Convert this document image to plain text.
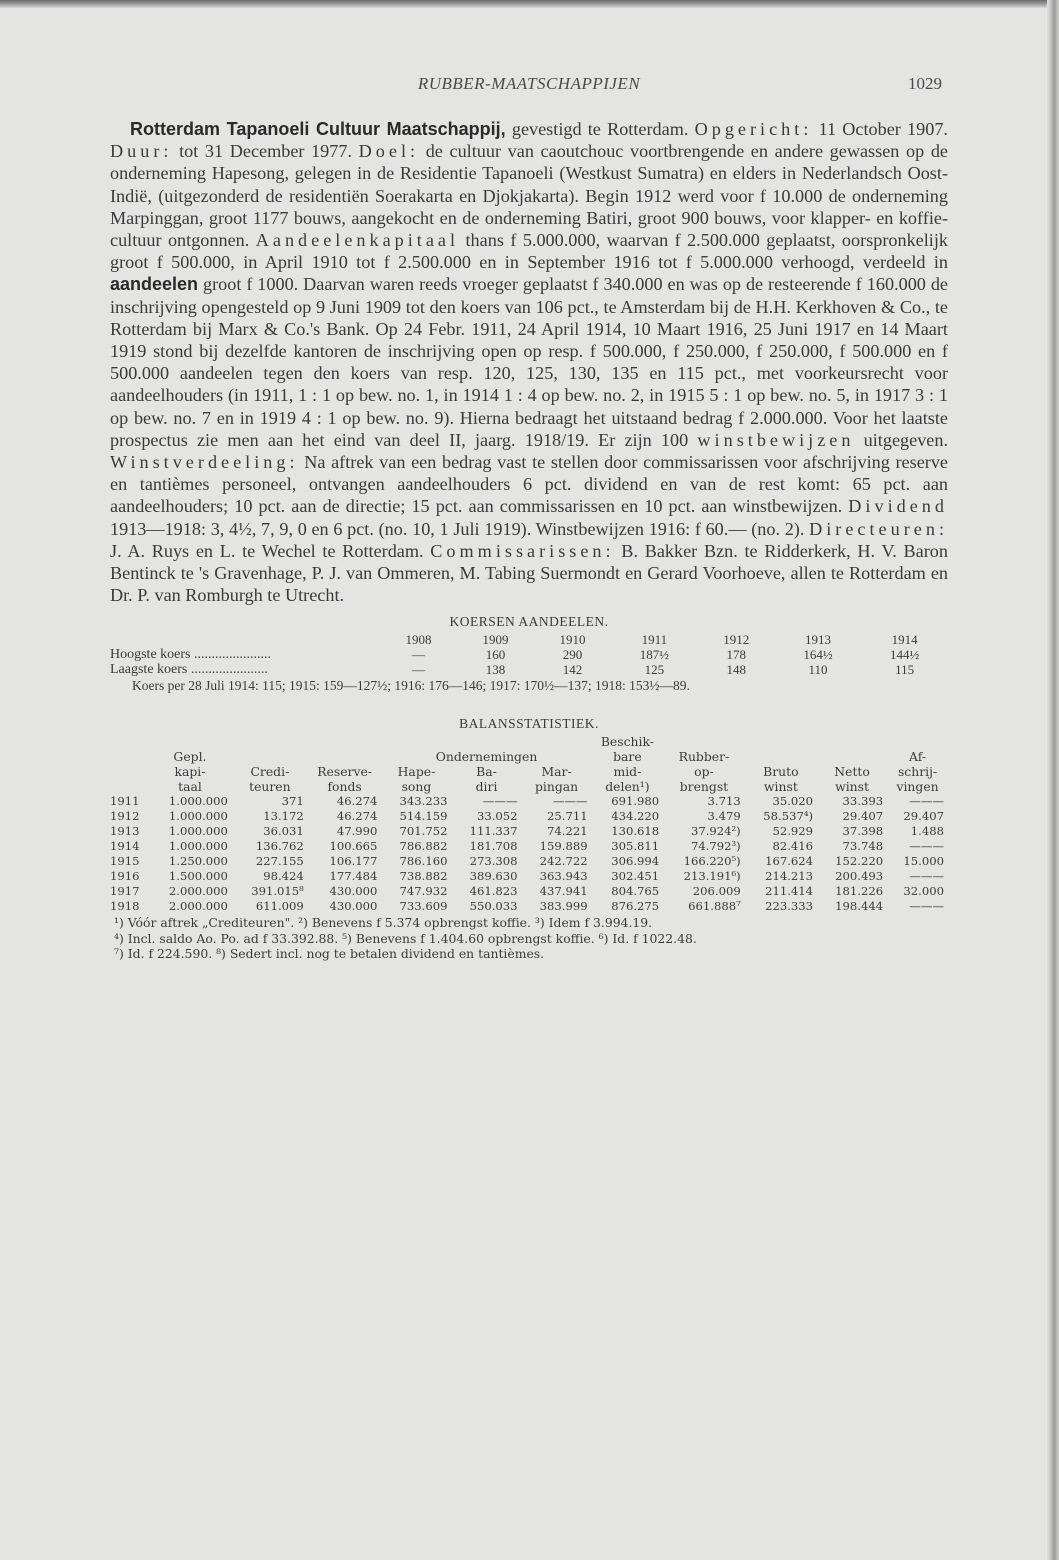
RUBBER-MAATSCHAPPIJEN	1029

Rotterdam Tapanoeli Cultuur Maatschappij, gevestigd te Rotterdam. Opgericht: 11 October 1907. Duur: tot 31 December 1977. Doel: de cultuur van caoutchouc voortbrengende en andere gewassen op de onderneming Hapesong, gelegen in de Residentie Tapanoeli (Westkust Sumatra) en elders in Nederlandsch Oost-Indië, (uitgezonderd de residentiën Soerakarta en Djokjakarta). Begin 1912 werd voor f 10.000 de onderneming Marpinggan, groot 1177 bouws, aangekocht en de onderneming Batiri, groot 900 bouws, voor klapper- en koffie-cultuur ontgonnen. Aandeelenkapitaal thans f 5.000.000, waarvan f 2.500.000 geplaatst, oorspronkelijk groot f 500.000, in April 1910 tot f 2.500.000 en in September 1916 tot f 5.000.000 verhoogd, verdeeld in aandeelen groot f 1000. Daarvan waren reeds vroeger geplaatst f 340.000 en was op de resteerende f 160.000 de inschrijving opengesteld op 9 Juni 1909 tot den koers van 106 pct., te Amsterdam bij de H.H. Kerkhoven & Co., te Rotterdam bij Marx & Co.'s Bank. Op 24 Febr. 1911, 24 April 1914, 10 Maart 1916, 25 Juni 1917 en 14 Maart 1919 stond bij dezelfde kantoren de inschrijving open op resp. f 500.000, f 250.000, f 250.000, f 500.000 en f 500.000 aandeelen tegen den koers van resp. 120, 125, 130, 135 en 115 pct., met voorkeursrecht voor aandeelhouders (in 1911, 1 : 1 op bew. no. 1, in 1914 1 : 4 op bew. no. 2, in 1915 5 : 1 op bew. no. 5, in 1917 3 : 1 op bew. no. 7 en in 1919 4 : 1 op bew. no. 9). Hierna bedraagt het uitstaand bedrag f 2.000.000. Voor het laatste prospectus zie men aan het eind van deel II, jaarg. 1918/19. Er zijn 100 winstbewijzen uitgegeven. Winstverdeeling: Na aftrek van een bedrag vast te stellen door commissarissen voor afschrijving reserve en tantièmes personeel, ontvangen aandeelhouders 6 pct. dividend en van de rest komt: 65 pct. aan aandeelhouders; 10 pct. aan de directie; 15 pct. aan commissarissen en 10 pct. aan winstbewijzen. Dividend 1913—1918: 3, 4½, 7, 9, 0 en 6 pct. (no. 10, 1 Juli 1919). Winstbewijzen 1916: f 60.— (no. 2). Directeuren: J. A. Ruys en L. te Wechel te Rotterdam. Commissarissen: B. Bakker Bzn. te Ridderkerk, H. V. Baron Bentinck te 's Gravenhage, P. J. van Ommeren, M. Tabing Suermondt en Gerard Voorhoeve, allen te Rotterdam en Dr. P. van Romburgh te Utrecht.

KOERSEN AANDEELEN.
	1908	1909	1910	1911	1912	1913	1914
Hoogste koers ......................	—	160	290	187½	178	164½	144½
Laagste koers ......................	—	138	142	125	148	110	115
Koers per 28 Juli 1914: 115; 1915: 159—127½; 1916: 176—146; 1917: 170½—137; 1918: 153½—89.
BALANSSTATISTIEK.
							Beschik-				
	Gepl.			Ondernemingen			bare	Rubber-			Af-
	kapi-	Credi-	Reserve-	Hape-	Ba-	Mar-	mid-	op-	Bruto	Netto	schrij-
	taal	teuren	fonds	song	diri	pingan	delen¹)	brengst	winst	winst	vingen
1911	1.000.000	371	46.274	343.233	———	———	691.980	3.713	35.020	33.393	———
1912	1.000.000	13.172	46.274	514.159	33.052	25.711	434.220	3.479	58.537⁴)	29.407	29.407
1913	1.000.000	36.031	47.990	701.752	111.337	74.221	130.618	37.924²)	52.929	37.398	1.488
1914	1.000.000	136.762	100.665	786.882	181.708	159.889	305.811	74.792³)	82.416	73.748	———
1915	1.250.000	227.155	106.177	786.160	273.308	242.722	306.994	166.220⁵)	167.624	152.220	15.000
1916	1.500.000	98.424	177.484	738.882	389.630	363.943	302.451	213.191⁶)	214.213	200.493	———
1917	2.000.000	391.015⁸	430.000	747.932	461.823	437.941	804.765	206.009	211.414	181.226	32.000
1918	2.000.000	611.009	430.000	733.609	550.033	383.999	876.275	661.888⁷	223.333	198.444	———
¹) Vóór aftrek „Crediteuren". ²) Benevens f 5.374 opbrengst koffie. ³) Idem f 3.994.19.
⁴) Incl. saldo Ao. Po. ad f 33.392.88. ⁵) Benevens f 1.404.60 opbrengst koffie. ⁶) Id. f 1022.48.
⁷) Id. f 224.590. ⁸) Sedert incl. nog te betalen dividend en tantièmes.
